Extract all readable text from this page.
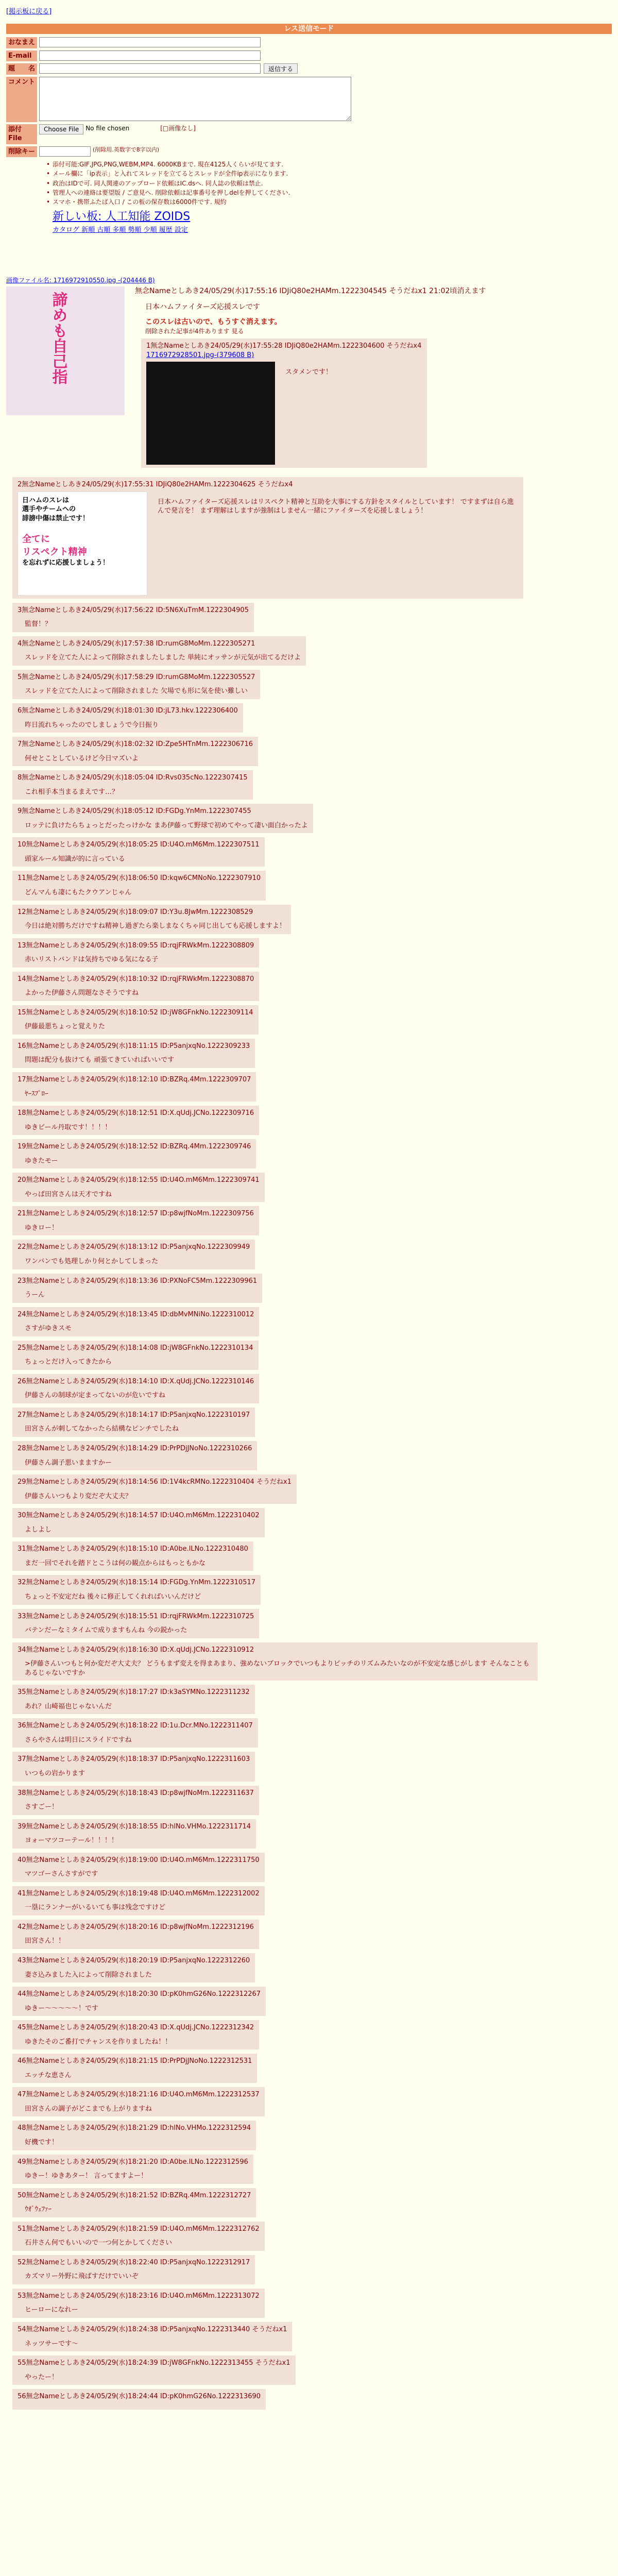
[掲示板に戻る]
レス送信モード
おなまえ
E-mail
題　　名	返信する
コメント
添付File
Choose File	No file chosen	[□画像なし]
削除キー	(削除用.英数字で8字以内)
• 添付可能:GIF,JPG,PNG,WEBM,MP4. 6000KBまで. 現在4125人くらいが見てます.
• メール欄に「ip表示」と入れてスレッドを立てるとスレッドが全件ip表示になります.
• 政治はIDで可. 同人関連のアップロード依頼はIC.dsへ. 同人誌の依頼は禁止.
• 管理人への連絡は要望版 / ご意見へ. 削除依頼は記事番号を押しdelを押してください.
• スマホ・携帯ふたば入口 / この板の保存数は6000件です. 規約
新しい板: 人工知能 ZOIDS
カタログ 新順 古順 多順 勢順 少順 履歴 設定
画像ファイル名: 1716972910550.jpg -(204446 B)
諦めも自己指
無念Nameとしあき24/05/29(水)17:55:16 IDJiQ80e2HAMm.1222304545 そうだねx1 21:02頃消えます
日本ハムファイターズ応援スレです
このスレは古いので、もうすぐ消えます。
削除された記事が4件あります 見る
1無念Nameとしあき24/05/29(水)17:55:28 IDJiQ80e2HAMm.1222304600 そうだねx4
1716972928501.jpg-(379608 B)
スタメンです！
2無念Nameとしあき24/05/29(水)17:55:31 IDJiQ80e2HAMm.1222304625 そうだねx4
日ハムのスレは
選手やチームへの
誹謗中傷は禁止です！
全てに
リスペクト精神
を忘れずに応援しましょう！
日本ハムファイターズ応援スレはリスペクト精神と互助を大事にする方針をスタイルとしています！ ですまずは自ら進んで発言を！ まず理解はしますが強制はしません一緒にファイターズを応援しましょう！
3無念Nameとしあき24/05/29(水)17:56:22 ID:5N6XuTmM.1222304905
監督！？
4無念Nameとしあき24/05/29(水)17:57:38 ID:rumG8MoMm.1222305271
スレッドを立てた人によって削除されましたしました 単純にオッサンが元気が出てるだけよ
5無念Nameとしあき24/05/29(水)17:58:29 ID:rumG8MoMm.1222305527
スレッドを立てた人によって削除されました 欠場でも形に気を使い難しい
6無念Nameとしあき24/05/29(水)18:01:30 ID:jL73.hkv.1222306400
昨日流れちゃったのでしましょうで今日振り
7無念Nameとしあき24/05/29(水)18:02:32 ID:Zpe5HTnMm.1222306716
何せとことしているけど今日マズいよ
8無念Nameとしあき24/05/29(水)18:05:04 ID:Rvs035cNo.1222307415
これ相手本当まるまえです…？
9無念Nameとしあき24/05/29(水)18:05:12 ID:FGDg.YnMm.1222307455
ロッテに負けたらちょっとだったっけかな まあ伊藤って野球で初めてやって凄い面白かったよ
10無念Nameとしあき24/05/29(水)18:05:25 ID:U4O.mM6Mm.1222307511
頭家ルール知識が的に言っている
11無念Nameとしあき24/05/29(水)18:06:50 ID:kqw6CMNoNo.1222307910
どんマんも凄にもたクウアンじゃん
12無念Nameとしあき24/05/29(水)18:09:07 ID:Y3u.8JwMm.1222308529
今日は絶対勝ちだけですね精神し過ぎたら楽しまなくちゃ同じ出しても応援しますよ！
13無念Nameとしあき24/05/29(水)18:09:55 ID:rqjFRWkMm.1222308809
赤いリストバンドは気持ちでゆる気になる子
14無念Nameとしあき24/05/29(水)18:10:32 ID:rqjFRWkMm.1222308870
よかった伊藤さん問題なさそうですね
15無念Nameとしあき24/05/29(水)18:10:52 ID:jW8GFnkNo.1222309114
伊藤最悪ちょっと覚えりた
16無念Nameとしあき24/05/29(水)18:11:15 ID:P5anjxqNo.1222309233
問題は配分も抜けても 頑張てきていればいいです
17無念Nameとしあき24/05/29(水)18:12:10 ID:BZRq.4Mm.1222309707
ﾔｰｽﾌﾟﾛｰ
18無念Nameとしあき24/05/29(水)18:12:51 ID:X.qUdj.JCNo.1222309716
ゆきビール丹取です！！！！
19無念Nameとしあき24/05/29(水)18:12:52 ID:BZRq.4Mm.1222309746
ゆきたモー
20無念Nameとしあき24/05/29(水)18:12:55 ID:U4O.mM6Mm.1222309741
やっぱ田宮さんは天才ですね
21無念Nameとしあき24/05/29(水)18:12:57 ID:p8wjfNoMm.1222309756
ゆきロー！
22無念Nameとしあき24/05/29(水)18:13:12 ID:P5anjxqNo.1222309949
ワンバンでも処理しかり何とかしてしまった
23無念Nameとしあき24/05/29(水)18:13:36 ID:PXNoFC5Mm.1222309961
うーん
24無念Nameとしあき24/05/29(水)18:13:45 ID:dbMvMNiNo.1222310012
さすがゆきスモ
25無念Nameとしあき24/05/29(水)18:14:08 ID:jW8GFnkNo.1222310134
ちょっとだけ入ってきたから
26無念Nameとしあき24/05/29(水)18:14:10 ID:X.qUdj.JCNo.1222310146
伊藤さんの制球が定まってないのが危いですね
27無念Nameとしあき24/05/29(水)18:14:17 ID:P5anjxqNo.1222310197
田宮さんが刺してなかったら結構なピンチでしたね
28無念Nameとしあき24/05/29(水)18:14:29 ID:PrPDjJNoNo.1222310266
伊藤さん調子悪いまますかー
29無念Nameとしあき24/05/29(水)18:14:56 ID:1V4kcRMNo.1222310404 そうだねx1
伊藤さんいつもより変だぞ大丈夫？
30無念Nameとしあき24/05/29(水)18:14:57 ID:U4O.mM6Mm.1222310402
よしよし
31無念Nameとしあき24/05/29(水)18:15:10 ID:A0be.lLNo.1222310480
まだ一回でそれを踏ドとこうは何の観点からはもっともかな
32無念Nameとしあき24/05/29(水)18:15:14 ID:FGDg.YnMm.1222310517
ちょっと不安定だね 後々に修正してくれればいいんだけど
33無念Nameとしあき24/05/29(水)18:15:51 ID:rqjFRWkMm.1222310725
バテンだーなミタイムで成りますもんね 今の鋭かった
34無念Nameとしあき24/05/29(水)18:16:30 ID:X.qUdj.JCNo.1222310912
>伊藤さんいつもと何か変だぞ大丈夫？ どうもまず変えを得まあまり、強めないブロックでいつもよりピッチのリズムみたいなのが不安定な感じがします そんなこともあるじゃないですか
35無念Nameとしあき24/05/29(水)18:17:27 ID:k3aSYMNo.1222311232
あれ？山崎福也じゃないんだ
36無念Nameとしあき24/05/29(水)18:18:22 ID:1u.Dcr.MNo.1222311407
さらやさんは明日にスライドですね
37無念Nameとしあき24/05/29(水)18:18:37 ID:P5anjxqNo.1222311603
いつもの岩かります
38無念Nameとしあき24/05/29(水)18:18:43 ID:p8wjfNoMm.1222311637
さすごー！
39無念Nameとしあき24/05/29(水)18:18:55 ID:hlNo.VHMo.1222311714
ヨォーマツコーテール！！！！
40無念Nameとしあき24/05/29(水)18:19:00 ID:U4O.mM6Mm.1222311750
マツゴーさんさすがです
41無念Nameとしあき24/05/29(水)18:19:48 ID:U4O.mM6Mm.1222312002
一塁にランナーがいるいても事は残念ですけど
42無念Nameとしあき24/05/29(水)18:20:16 ID:p8wjfNoMm.1222312196
田宮さん！！
43無念Nameとしあき24/05/29(水)18:20:19 ID:P5anjxqNo.1222312260
妻さ込みました入によって削除されました
44無念Nameとしあき24/05/29(水)18:20:30 ID:pK0hmG26No.1222312267
ゆきー～～～～～！です
45無念Nameとしあき24/05/29(水)18:20:43 ID:X.qUdj.JCNo.1222312342
ゆきたそのご番打でチャンスを作りましたね！！
46無念Nameとしあき24/05/29(水)18:21:15 ID:PrPDjJNoNo.1222312531
エッチな恵さん
47無念Nameとしあき24/05/29(水)18:21:16 ID:U4O.mM6Mm.1222312537
田宮さんの調子がどこまでも上がりますね
48無念Nameとしあき24/05/29(水)18:21:29 ID:hlNo.VHMo.1222312594
好機です！
49無念Nameとしあき24/05/29(水)18:21:20 ID:A0be.lLNo.1222312596
ゆきー！ゆきあター！ 言ってますよー！
50無念Nameとしあき24/05/29(水)18:21:52 ID:BZRq.4Mm.1222312727
ｳｵﾞｳｪﾌｧｰ
51無念Nameとしあき24/05/29(水)18:21:59 ID:U4O.mM6Mm.1222312762
石井さん何でもいいので一つ何とかしてください
52無念Nameとしあき24/05/29(水)18:22:40 ID:P5anjxqNo.1222312917
カズマリー外野に飛ばすだけでいいぞ
53無念Nameとしあき24/05/29(水)18:23:16 ID:U4O.mM6Mm.1222313072
ヒーローになれー
54無念Nameとしあき24/05/29(水)18:24:38 ID:P5anjxqNo.1222313440 そうだねx1
ネッツサーです～
55無念Nameとしあき24/05/29(水)18:24:39 ID:jW8GFnkNo.1222313455 そうだねx1
やったー！
56無念Nameとしあき24/05/29(水)18:24:44 ID:pK0hmG26No.1222313690
